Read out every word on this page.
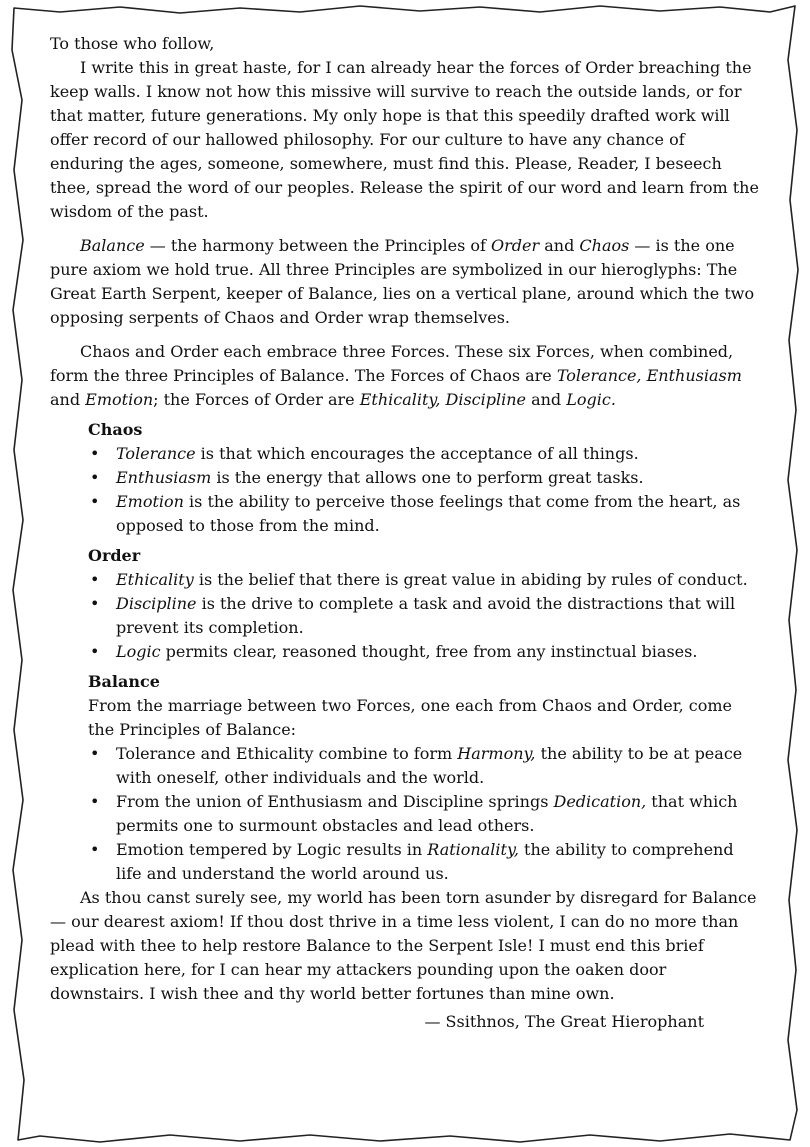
To those who follow,

I write this in great haste, for I can already hear the forces of Order breaching the keep walls. I know not how this missive will survive to reach the outside lands, or for that matter, future generations. My only hope is that this speedily drafted work will offer record of our hallowed philosophy. For our culture to have any chance of enduring the ages, someone, somewhere, must find this. Please, Reader, I beseech thee, spread the word of our peoples. Release the spirit of our word and learn from the wisdom of the past.

Balance — the harmony between the Principles of Order and Chaos — is the one pure axiom we hold true. All three Principles are symbolized in our hieroglyphs: The Great Earth Serpent, keeper of Balance, lies on a vertical plane, around which the two opposing serpents of Chaos and Order wrap themselves.

Chaos and Order each embrace three Forces. These six Forces, when combined, form the three Principles of Balance. The Forces of Chaos are Tolerance, Enthusiasm and Emotion; the Forces of Order are Ethicality, Discipline and Logic.

Chaos

• Tolerance is that which encourages the acceptance of all things.
• Enthusiasm is the energy that allows one to perform great tasks.
• Emotion is the ability to perceive those feelings that come from the heart, as opposed to those from the mind.

Order

• Ethicality is the belief that there is great value in abiding by rules of conduct.
• Discipline is the drive to complete a task and avoid the distractions that will prevent its completion.
• Logic permits clear, reasoned thought, free from any instinctual biases.

Balance

From the marriage between two Forces, one each from Chaos and Order, come the Principles of Balance:

• Tolerance and Ethicality combine to form Harmony, the ability to be at peace with oneself, other individuals and the world.
• From the union of Enthusiasm and Discipline springs Dedication, that which permits one to surmount obstacles and lead others.
• Emotion tempered by Logic results in Rationality, the ability to comprehend life and understand the world around us.

As thou canst surely see, my world has been torn asunder by disregard for Balance — our dearest axiom! If thou dost thrive in a time less violent, I can do no more than plead with thee to help restore Balance to the Serpent Isle! I must end this brief explication here, for I can hear my attackers pounding upon the oaken door downstairs. I wish thee and thy world better fortunes than mine own.

— Ssithnos, The Great Hierophant
